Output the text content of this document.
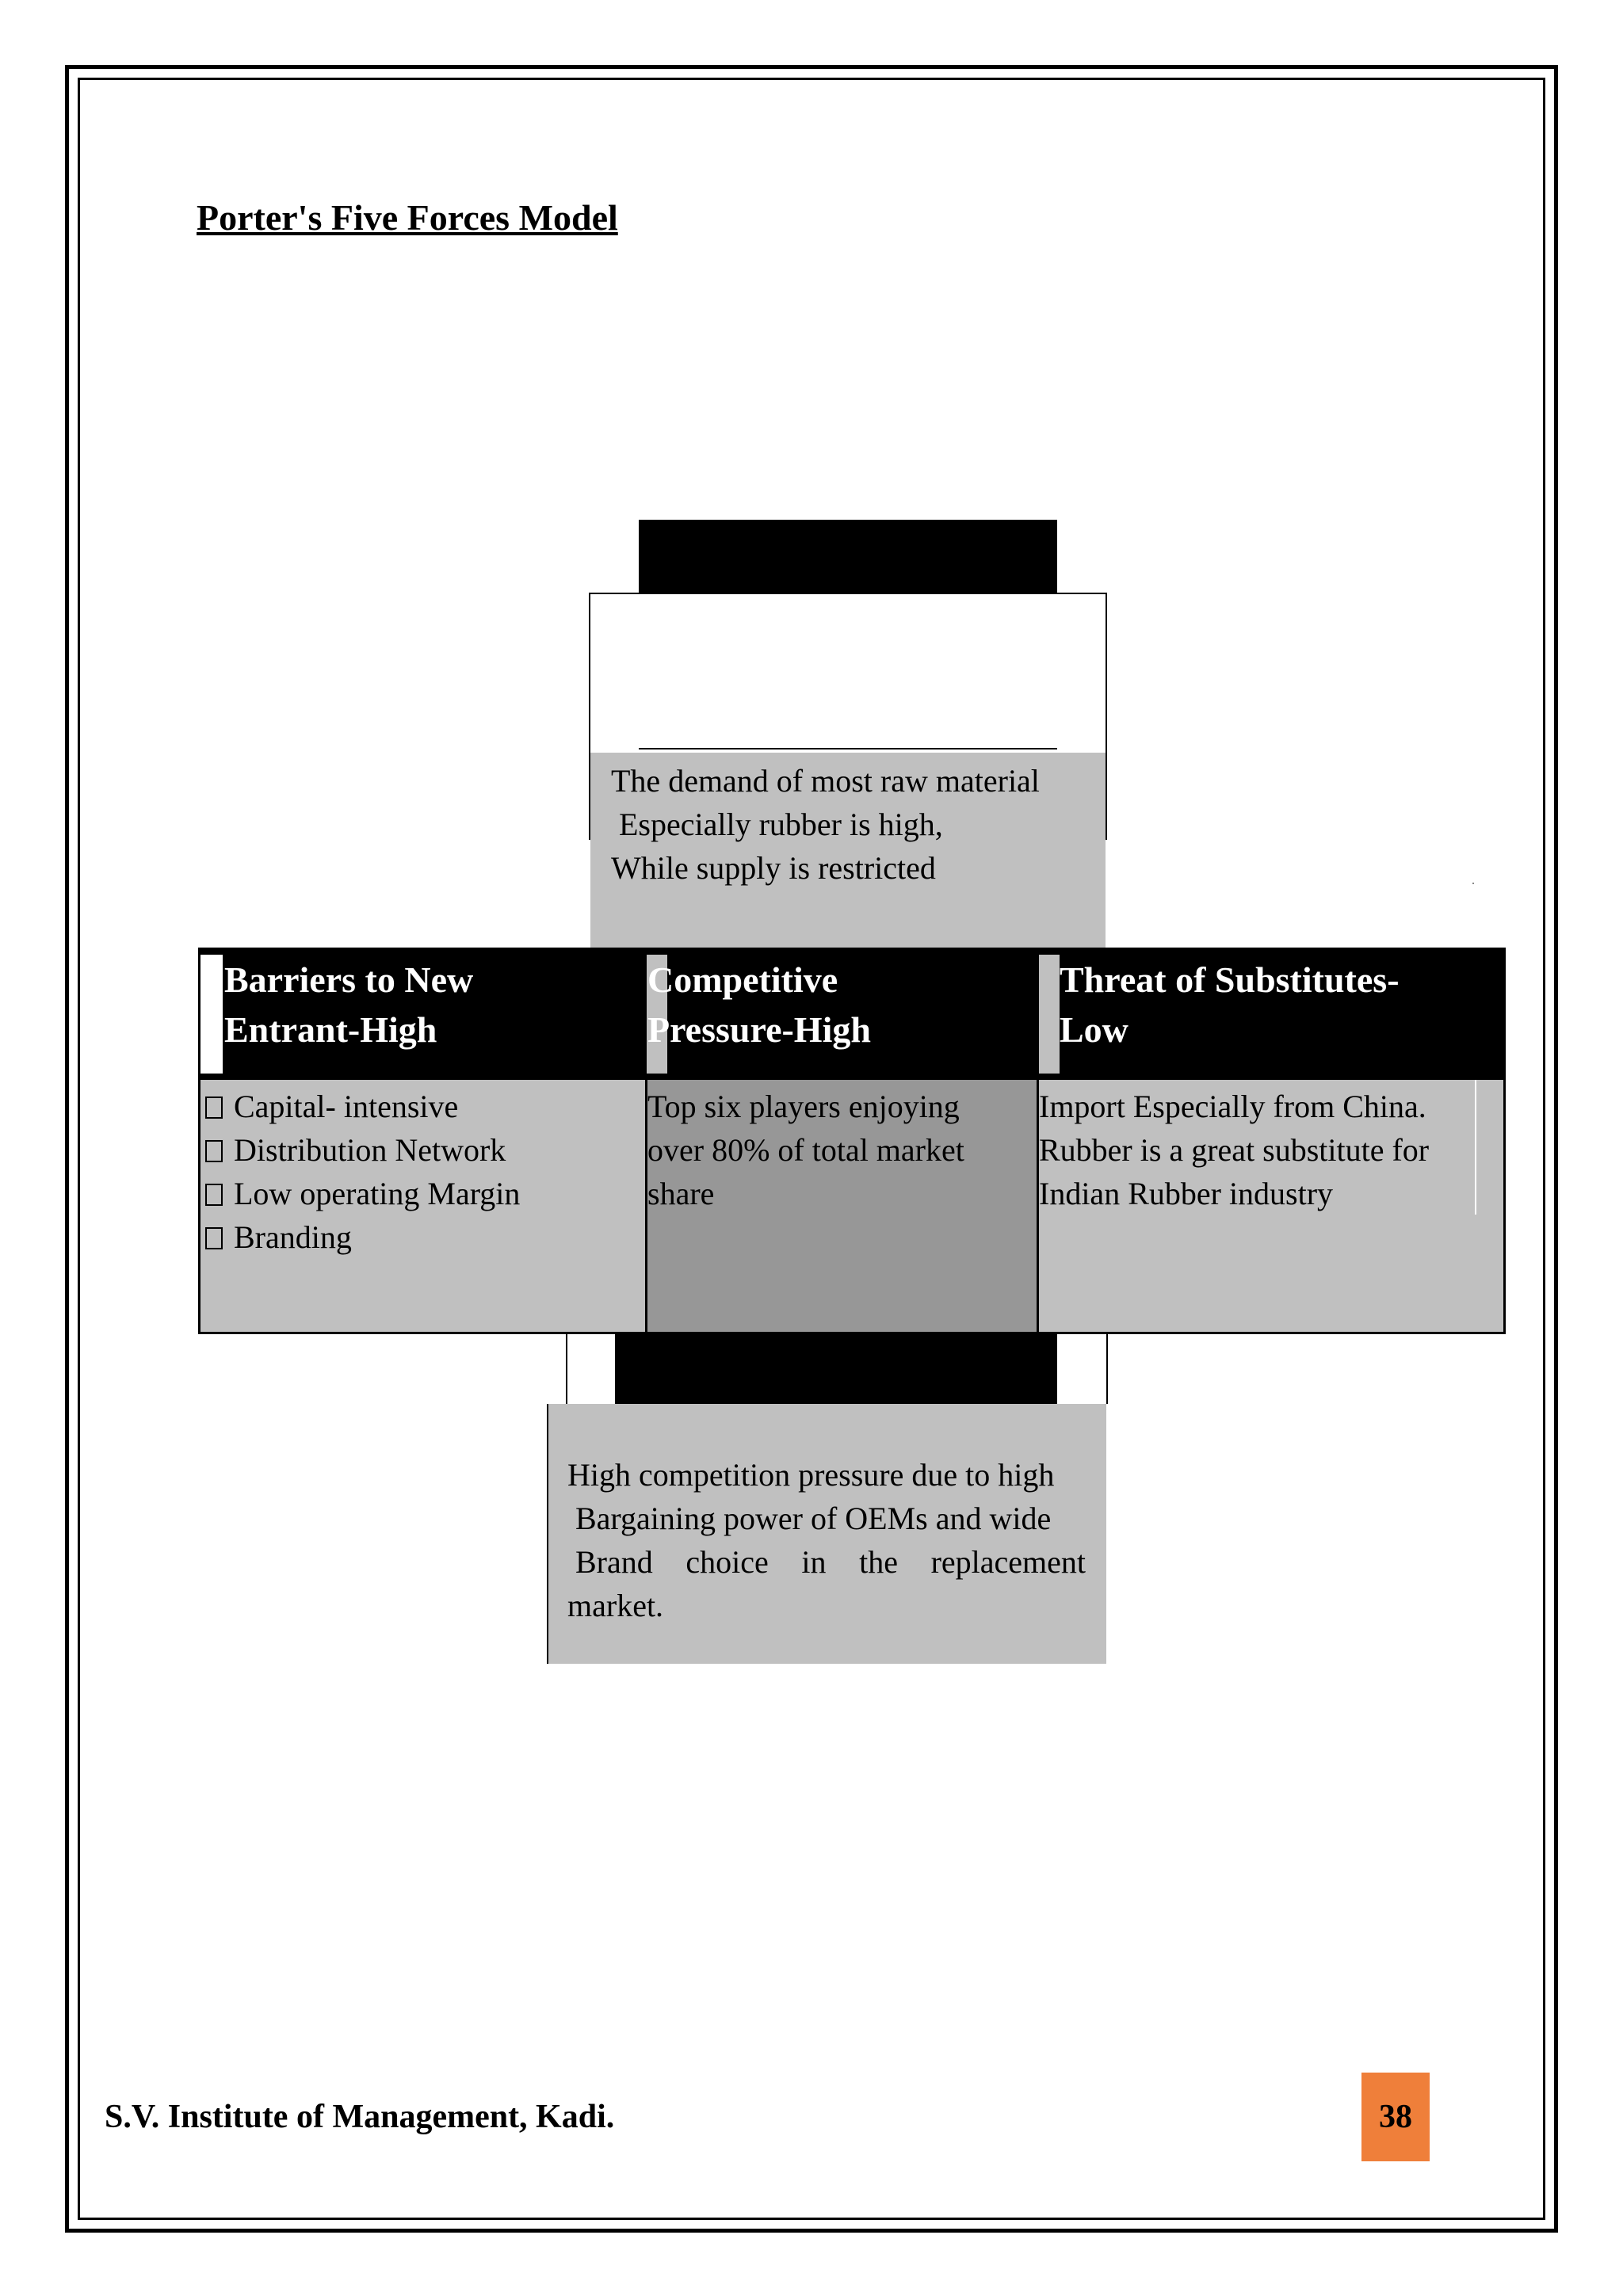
Porter's Five Forces Model
The demand of most raw material
Especially rubber is high,
While supply is restricted
Barriers to New
Entrant-High
Capital- intensive
Distribution Network
Low operating Margin
Branding
Competitive
Pressure-High
Top six players enjoying
over 80% of total market
share
Threat of Substitutes-
Low
Import Especially from China.
Rubber is a great substitute for
Indian Rubber industry
High competition pressure due to high
Bargaining power of OEMs and wide
Brand choice in the replacement
market.
S.V. Institute of Management, Kadi.	38
